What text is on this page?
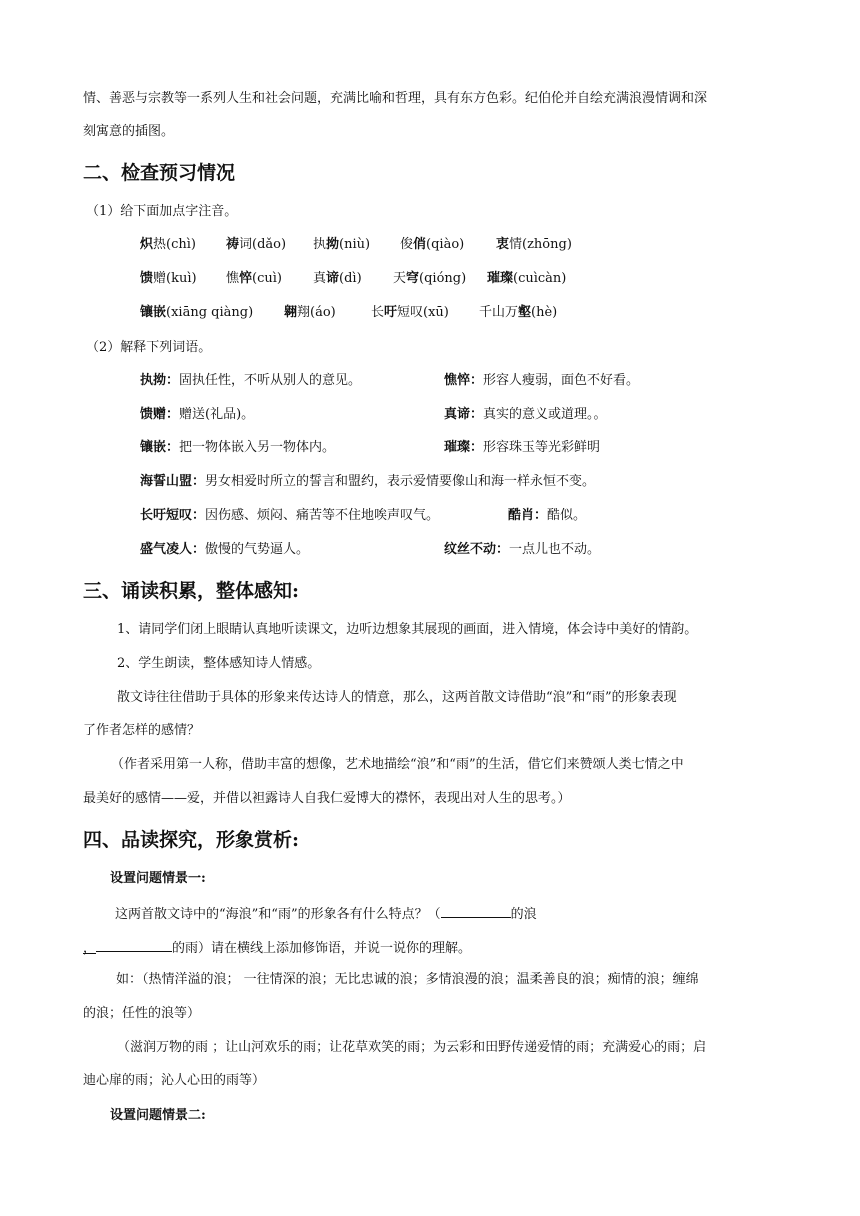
情、善恶与宗教等一系列人生和社会问题，充满比喻和哲理，具有东方色彩。纪伯伦并自绘充满浪漫情调和深
刻寓意的插图。
二、检查预习情况
（1）给下面加点字注音。
炽热(chì) 祷词(dǎo) 执拗(niù) 俊俏(qiào) 衷情(zhōng)
馈赠(kuì) 憔悴(cuì) 真谛(dì) 天穹(qióng) 璀璨(cuìcàn)
镶嵌(xiāng qiàng) 翱翔(áo)	长吁短叹(xū) 千山万壑(hè)
（2）解释下列词语。
执拗：固执任性，不听从别人的意见。	憔悴：形容人瘦弱，面色不好看。
馈赠：赠送(礼品)。	真谛：真实的意义或道理。。
镶嵌：把一物体嵌入另一物体内。	璀璨：形容珠玉等光彩鲜明
海誓山盟：男女相爱时所立的誓言和盟约，表示爱情要像山和海一样永恒不变。
长吁短叹：因伤感、烦闷、痛苦等不住地唉声叹气。	酷肖：酷似。
盛气凌人：傲慢的气势逼人。	纹丝不动：一点儿也不动。
三、诵读积累，整体感知:
1、请同学们闭上眼睛认真地听读课文，边听边想象其展现的画面，进入情境，体会诗中美好的情韵。
2、学生朗读，整体感知诗人情感。
散文诗往往借助于具体的形象来传达诗人的情意，那么，这两首散文诗借助“浪”和“雨”的形象表现
了作者怎样的感情？
（作者采用第一人称，借助丰富的想像，艺术地描绘“浪”和“雨”的生活，借它们来赞颂人类七情之中
最美好的感情——爱，并借以袒露诗人自我仁爱博大的襟怀，表现出对人生的思考。）
四、品读探究，形象赏析:
设置问题情景一:
这两首散文诗中的“海浪”和“雨”的形象各有什么特点？（	的浪
，	的雨）请在横线上添加修饰语，并说一说你的理解。
如：（热情洋溢的浪； 一往情深的浪；无比忠诚的浪；多情浪漫的浪；温柔善良的浪；痴情的浪；缠绵
的浪；任性的浪等）
（滋润万物的雨 ；让山河欢乐的雨；让花草欢笑的雨；为云彩和田野传递爱情的雨；充满爱心的雨；启
迪心扉的雨；沁人心田的雨等）
设置问题情景二:
